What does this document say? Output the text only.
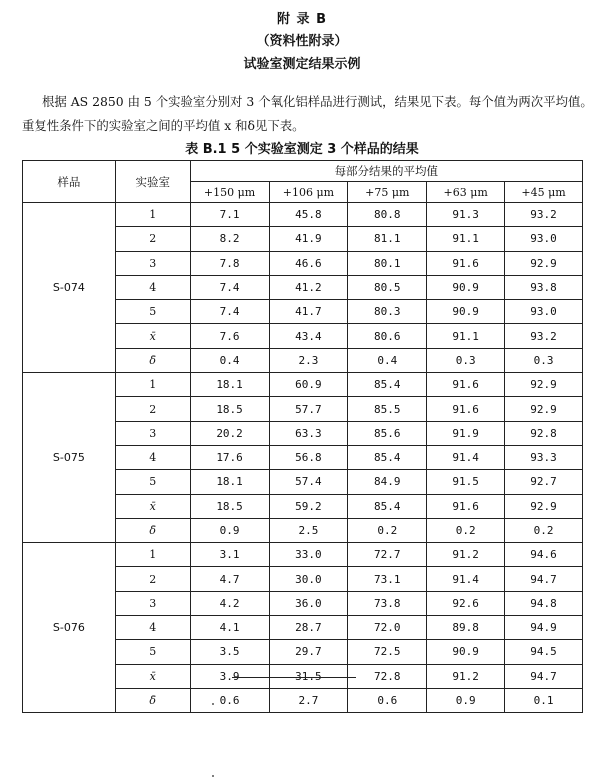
附 录 B
（资料性附录）
试验室测定结果示例
根据 AS 2850 由 5 个实验室分别对 3 个氧化铝样品进行测试，结果见下表。每个值为两次平均值。
重复性条件下的实验室之间的平均值 x 和δ见下表。
表 B.1 5 个实验室测定 3 个样品的结果
样品	实验室	每部分结果的平均值				
		+150 μm	+106 μm	+75 μm	+63 μm	+45 μm
S-074	1	7.1	45.8	80.8	91.3	93.2
	2	8.2	41.9	81.1	91.1	93.0
	3	7.8	46.6	80.1	91.6	92.9
	4	7.4	41.2	80.5	90.9	93.8
	5	7.4	41.7	80.3	90.9	93.0
	x̄	7.6	43.4	80.6	91.1	93.2
	δ̄	0.4	2.3	0.4	0.3	0.3
S-075	1	18.1	60.9	85.4	91.6	92.9
	2	18.5	57.7	85.5	91.6	92.9
	3	20.2	63.3	85.6	91.9	92.8
	4	17.6	56.8	85.4	91.4	93.3
	5	18.1	57.4	84.9	91.5	92.7
	x̄	18.5	59.2	85.4	91.6	92.9
	δ̄	0.9	2.5	0.2	0.2	0.2
S-076	1	3.1	33.0	72.7	91.2	94.6
	2	4.7	30.0	73.1	91.4	94.7
	3	4.2	36.0	73.8	92.6	94.8
	4	4.1	28.7	72.0	89.8	94.9
	5	3.5	29.7	72.5	90.9	94.5
	x̄	3.9	31.5	72.8	91.2	94.7
	δ̄	0.6	2.7	0.6	0.9	0.1
